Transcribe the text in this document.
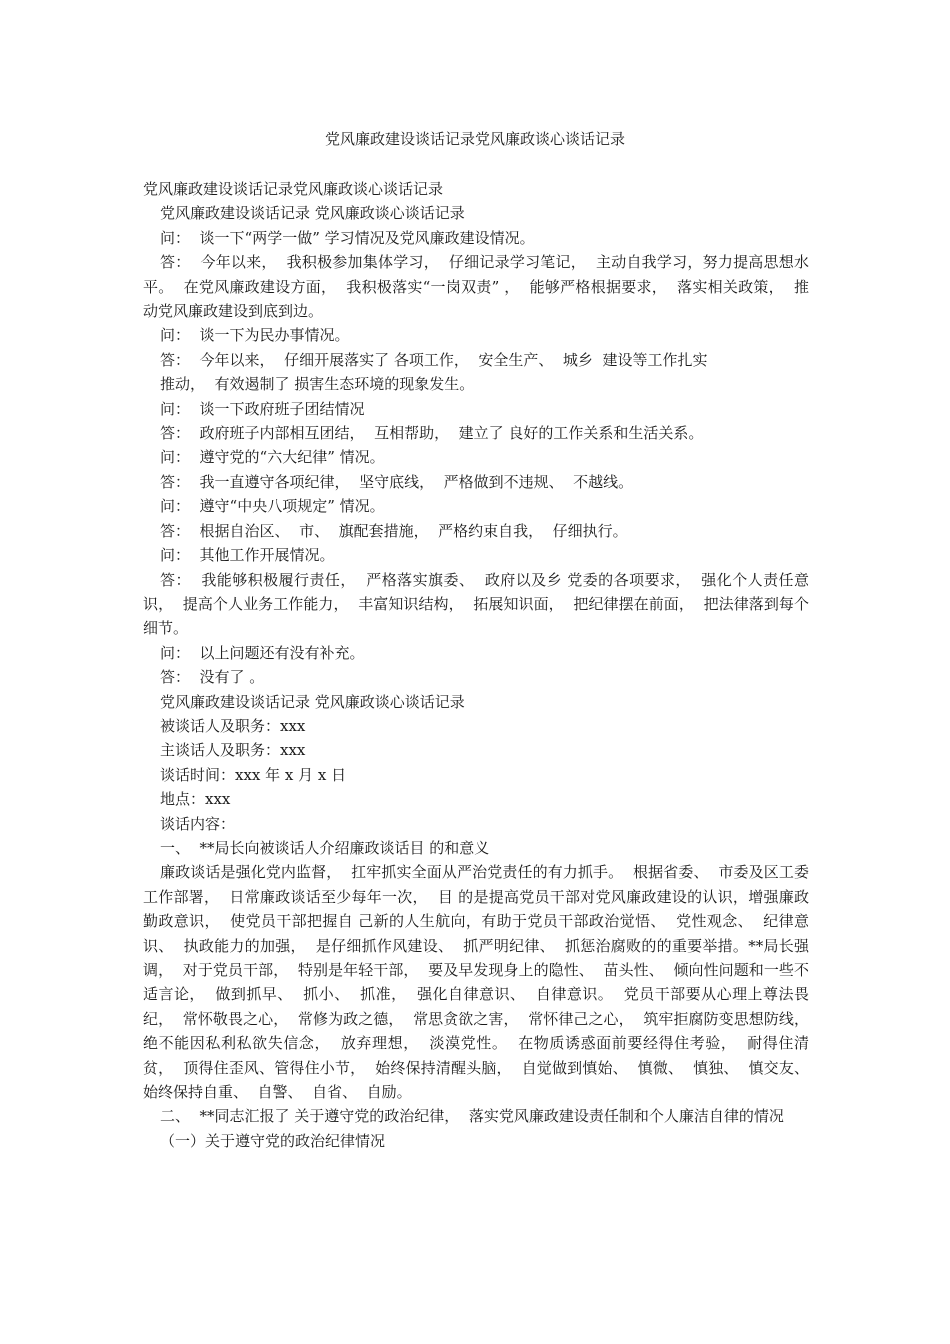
党风廉政建设谈话记录党风廉政谈心谈话记录

党风廉政建设谈话记录党风廉政谈心谈话记录

党风廉政建设谈话记录 党风廉政谈心谈话记录

问：  谈一下“两学一做” 学习情况及党风廉政建设情况。

答：  今年以来，  我积极参加集体学习，  仔细记录学习笔记，  主动自我学习，努力提高思想水平。  在党风廉政建设方面，  我积极落实“一岗双责” ，  能够严格根据要求，  落实相关政策，  推动党风廉政建设到底到边。

问：  谈一下为民办事情况。

答：  今年以来，  仔细开展落实了 各项工作，  安全生产、  城乡  建设等工作扎实

推动，  有效遏制了 损害生态环境的现象发生。

问：  谈一下政府班子团结情况

答：  政府班子内部相互团结，  互相帮助，  建立了 良好的工作关系和生活关系。

问：  遵守党的“六大纪律” 情况。

答：  我一直遵守各项纪律，  坚守底线，  严格做到不违规、  不越线。

问：  遵守“中央八项规定” 情况。

答：  根据自治区、  市、  旗配套措施，  严格约束自我，  仔细执行。

问：  其他工作开展情况。

答：  我能够积极履行责任，  严格落实旗委、  政府以及乡 党委的各项要求，  强化个人责任意识，  提高个人业务工作能力，  丰富知识结构，  拓展知识面，  把纪律摆在前面，  把法律落到每个细节。

问：  以上问题还有没有补充。

答：  没有了 。

党风廉政建设谈话记录 党风廉政谈心谈话记录

被谈话人及职务：xxx

主谈话人及职务：xxx

谈话时间：xxx 年 x 月 x 日

地点：xxx

谈话内容：

一、  **局长向被谈话人介绍廉政谈话目 的和意义

廉政谈话是强化党内监督，  扛牢抓实全面从严治党责任的有力抓手。  根据省委、  市委及区工委工作部署，  日常廉政谈话至少每年一次，  目 的是提高党员干部对党风廉政建设的认识，增强廉政勤政意识，  使党员干部把握自 己新的人生航向，有助于党员干部政治觉悟、  党性观念、  纪律意识、  执政能力的加强，  是仔细抓作风建设、  抓严明纪律、  抓惩治腐败的的重要举措。**局长强调，  对于党员干部，  特别是年轻干部，  要及早发现身上的隐性、  苗头性、  倾向性问题和一些不适言论，  做到抓早、  抓小、  抓准，  强化自律意识、  自律意识。  党员干部要从心理上尊法畏纪，  常怀敬畏之心，  常修为政之德，  常思贪欲之害，  常怀律己之心，  筑牢拒腐防变思想防线，  绝不能因私利私欲失信念，  放弃理想，  淡漠党性。  在物质诱惑面前要经得住考验，  耐得住清贫，  顶得住歪风、管得住小节，  始终保持清醒头脑，  自觉做到慎始、  慎微、  慎独、  慎交友、  始终保持自重、  自警、  自省、  自励。

二、  **同志汇报了 关于遵守党的政治纪律，  落实党风廉政建设责任制和个人廉洁自律的情况

（一）关于遵守党的政治纪律情况
